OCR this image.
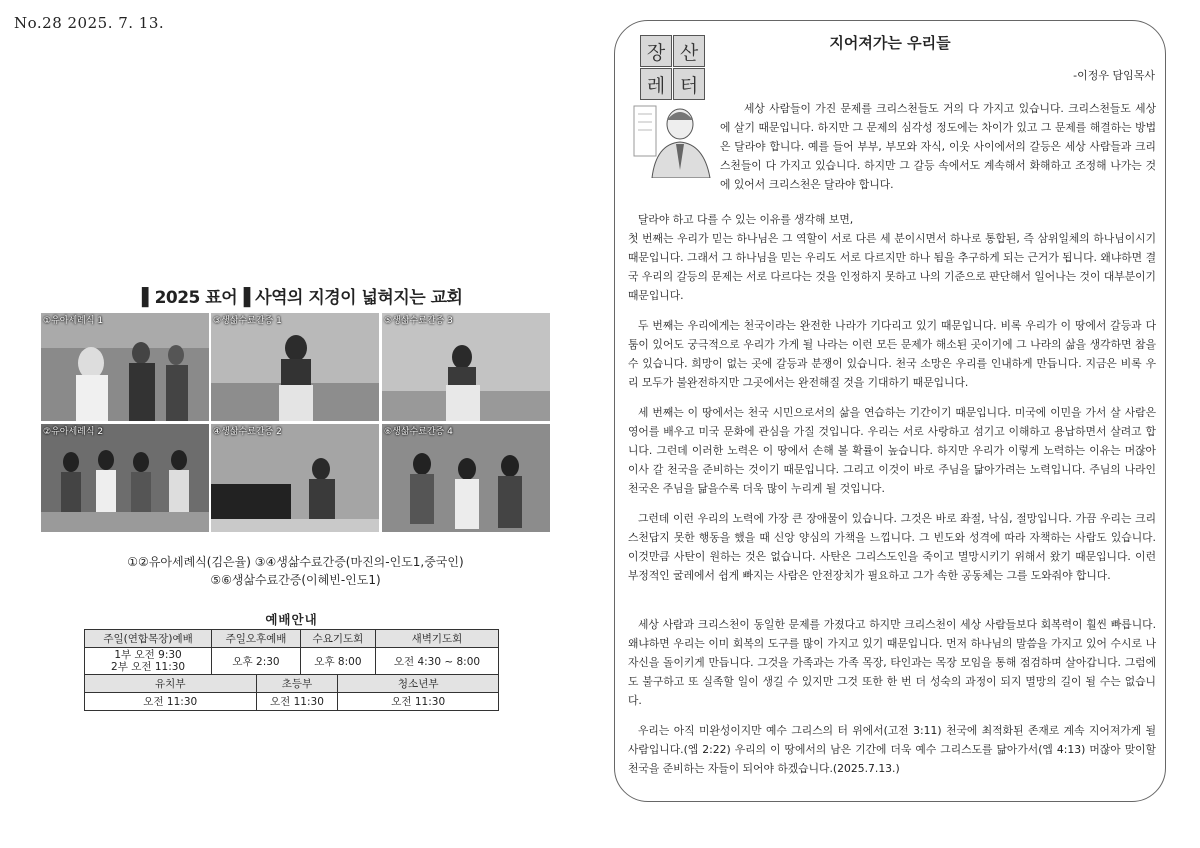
No.28 2025. 7. 13.
▌2025 표어▐ 사역의 지경이 넓혀지는 교회
①유아세례식 1	③생삶수료간증 1	⑤생삶수료간증 3
②유아세례식 2	④생삶수료간증 2	⑥생삶수료간증 4
①②유아세례식(김은율) ③④생삶수료간증(마진의-인도1,중국인)
⑤⑥생삶수료간증(이혜빈-인도1)
예배안내					
주일(연합목장)예배	주일오후예배		수요기도회		새벽기도회

1부 오전 9:30
2부 오전 11:30	오후 2:30		오후 8:00		오전 4:30 ~ 8:00
유치부		초등부		청소년부	
오전 11:30		오전 11:30		오전 11:30	
장 산
레 터
지어져가는 우리들
-이정우 담임목사

세상 사람들이 가진 문제를 크리스천들도 거의 다 가지고 있습니다. 크리스천들도 세상에 살기 때문입니다. 하지만 그 문제의 심각성 정도에는 차이가 있고 그 문제를 해결하는 방법은 달라야 합니다. 예를 들어 부부, 부모와 자식, 이웃 사이에서의 갈등은 세상 사람들과 크리스천들이 다 가지고 있습니다. 하지만 그 갈등 속에서도 계속해서 화해하고 조정해 나가는 것에 있어서 크리스천은 달라야 합니다.

달라야 하고 다를 수 있는 이유를 생각해 보면,
첫 번째는 우리가 믿는 하나님은 그 역할이 서로 다른 세 분이시면서 하나로 통합된, 즉 삼위일체의 하나님이시기 때문입니다. 그래서 그 하나님을 믿는 우리도 서로 다르지만 하나 됨을 추구하게 되는 근거가 됩니다. 왜냐하면 결국 우리의 갈등의 문제는 서로 다르다는 것을 인정하지 못하고 나의 기준으로 판단해서 일어나는 것이 대부분이기 때문입니다.

두 번째는 우리에게는 천국이라는 완전한 나라가 기다리고 있기 때문입니다. 비록 우리가 이 땅에서 갈등과 다툼이 있어도 궁극적으로 우리가 가게 될 나라는 이런 모든 문제가 해소된 곳이기에 그 나라의 삶을 생각하면 참을 수 있습니다. 희망이 없는 곳에 갈등과 분쟁이 있습니다. 천국 소망은 우리를 인내하게 만듭니다. 지금은 비록 우리 모두가 불완전하지만 그곳에서는 완전해질 것을 기대하기 때문입니다.

세 번째는 이 땅에서는 천국 시민으로서의 삶을 연습하는 기간이기 때문입니다. 미국에 이민을 가서 살 사람은 영어를 배우고 미국 문화에 관심을 가질 것입니다. 우리는 서로 사랑하고 섬기고 이해하고 용납하면서 살려고 합니다. 그런데 이러한 노력은 이 땅에서 손해 볼 확률이 높습니다. 하지만 우리가 이렇게 노력하는 이유는 머잖아 이사 갈 천국을 준비하는 것이기 때문입니다. 그리고 이것이 바로 주님을 닮아가려는 노력입니다. 주님의 나라인 천국은 주님을 닮을수록 더욱 많이 누리게 될 것입니다.

그런데 이런 우리의 노력에 가장 큰 장애물이 있습니다. 그것은 바로 좌절, 낙심, 절망입니다. 가끔 우리는 크리스천답지 못한 행동을 했을 때 신앙 양심의 가책을 느낍니다. 그 빈도와 성격에 따라 자책하는 사람도 있습니다. 이것만큼 사탄이 원하는 것은 없습니다. 사탄은 그리스도인을 죽이고 멸망시키기 위해서 왔기 때문입니다. 이런 부정적인 굴레에서 쉽게 빠지는 사람은 안전장치가 필요하고 그가 속한 공동체는 그를 도와줘야 합니다.

세상 사람과 크리스천이 동일한 문제를 가졌다고 하지만 크리스천이 세상 사람들보다 회복력이 훨씬 빠릅니다. 왜냐하면 우리는 이미 회복의 도구를 많이 가지고 있기 때문입니다. 먼저 하나님의 말씀을 가지고 있어 수시로 나 자신을 돌이키게 만듭니다. 그것을 가족과는 가족 목장, 타인과는 목장 모임을 통해 점검하며 살아갑니다. 그럼에도 불구하고 또 실족할 일이 생길 수 있지만 그것 또한 한 번 더 성숙의 과정이 되지 멸망의 길이 될 수는 없습니다.

우리는 아직 미완성이지만 예수 그리스의 터 위에서(고전 3:11) 천국에 최적화된 존재로 계속 지어져가게 될 사람입니다.(엡 2:22) 우리의 이 땅에서의 남은 기간에 더욱 예수 그리스도를 닮아가서(엡 4:13) 머잖아 맞이할 천국을 준비하는 자들이 되어야 하겠습니다.(2025.7.13.)
